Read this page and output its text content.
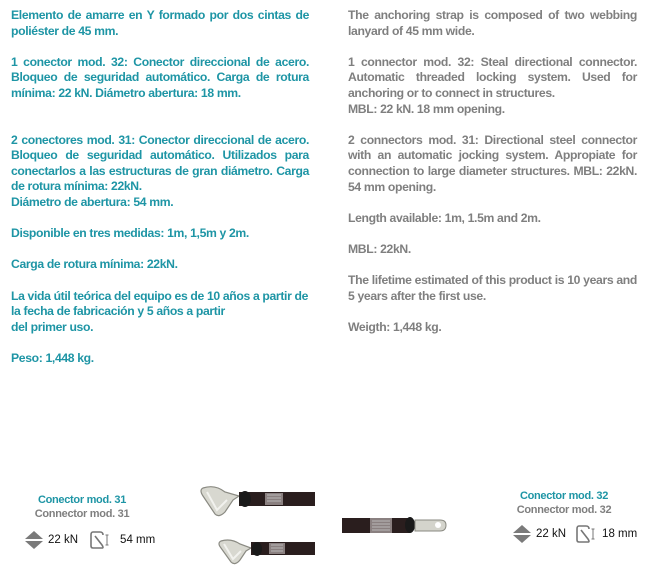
Elemento de amarre en Y formado por dos cintas de poliéster de 45 mm.

1 conector mod. 32: Conector direccional de acero. Bloqueo de seguridad automático. Carga de rotura mínima: 22 kN. Diámetro abertura: 18 mm.

2 conectores mod. 31: Conector direccional de acero. Bloqueo de seguridad automático. Utilizados para conectarlos a las estructuras de gran diámetro. Carga de rotura mínima: 22kN.

Diámetro de abertura: 54 mm.

Disponible en tres medidas: 1m, 1,5m y 2m.

Carga de rotura mínima: 22kN.

La vida útil teórica del equipo es de 10 años a partir de la fecha de fabricación y 5 años a partir

del primer uso.

Peso: 1,448 kg.

The anchoring strap is composed of two webbing lanyard of 45 mm wide.

1 connector mod. 32: Steal directional connector. Automatic threaded locking system. Used for anchoring or to connect in structures.

MBL: 22 kN. 18 mm opening.

2 connectors mod. 31: Directional steel connector with an automatic jocking system. Appropiate for connection to large diameter structures. MBL: 22kN. 54 mm opening.

Length available: 1m, 1.5m and 2m.

MBL: 22kN.

The lifetime estimated of this product is 10 years and 5 years after the first use.

Weigth: 1,448 kg.

Conector mod. 31
Connector mod. 31
22 kN	54 mm
Conector mod. 32
Connector mod. 32
22 kN	18 mm
